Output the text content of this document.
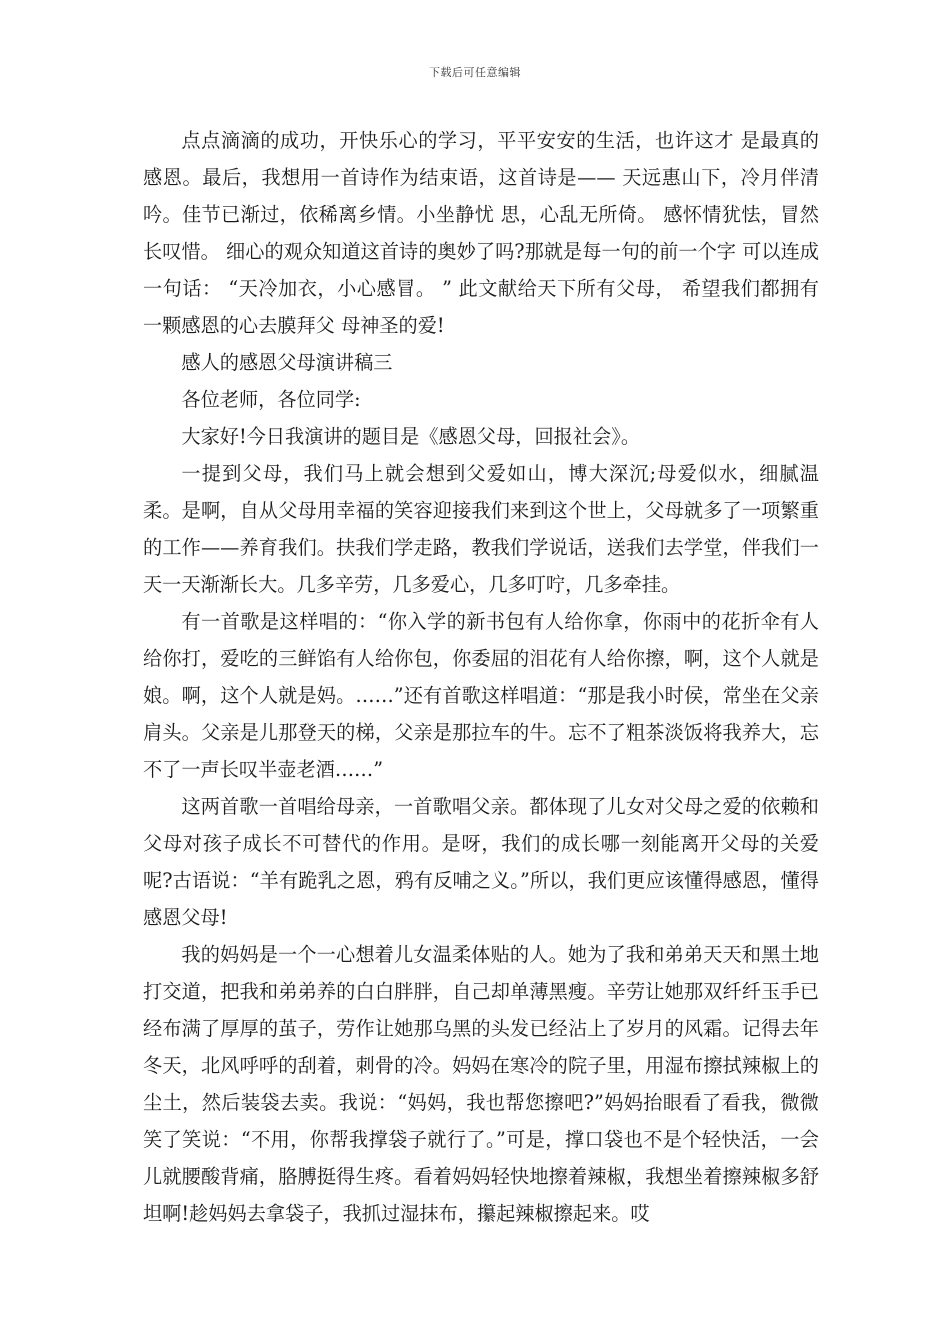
下载后可任意编辑

点点滴滴的成功，开快乐心的学习，平平安安的生活，也许这才 是最真的感恩。最后，我想用一首诗作为结束语，这首诗是—— 天远惠山下，冷月伴清吟。佳节已渐过，依稀离乡情。小坐静忧 思，心乱无所倚。 感怀情犹怯，冒然长叹惜。 细心的观众知道这首诗的奥妙了吗?那就是每一句的前一个字 可以连成一句话： “天冷加衣，小心感冒。 ” 此文献给天下所有父母， 希望我们都拥有一颗感恩的心去膜拜父 母神圣的爱!

感人的感恩父母演讲稿三

各位老师，各位同学:

大家好!今日我演讲的题目是《感恩父母，回报社会》。

一提到父母，我们马上就会想到父爱如山，博大深沉;母爱似水，细腻温柔。是啊，自从父母用幸福的笑容迎接我们来到这个世上，父母就多了一项繁重的工作——养育我们。扶我们学走路，教我们学说话，送我们去学堂，伴我们一天一天渐渐长大。几多辛劳，几多爱心，几多叮咛，几多牵挂。

有一首歌是这样唱的：“你入学的新书包有人给你拿，你雨中的花折伞有人给你打，爱吃的三鲜馅有人给你包，你委屈的泪花有人给你擦，啊，这个人就是娘。啊，这个人就是妈。……”还有首歌这样唱道：“那是我小时侯，常坐在父亲肩头。父亲是儿那登天的梯，父亲是那拉车的牛。忘不了粗茶淡饭将我养大，忘不了一声长叹半壶老酒……”

这两首歌一首唱给母亲，一首歌唱父亲。都体现了儿女对父母之爱的依赖和父母对孩子成长不可替代的作用。是呀，我们的成长哪一刻能离开父母的关爱呢?古语说：“羊有跪乳之恩，鸦有反哺之义。”所以，我们更应该懂得感恩，懂得感恩父母!

我的妈妈是一个一心想着儿女温柔体贴的人。她为了我和弟弟天天和黑土地打交道，把我和弟弟养的白白胖胖，自己却单薄黑瘦。辛劳让她那双纤纤玉手已经布满了厚厚的茧子，劳作让她那乌黑的头发已经沾上了岁月的风霜。记得去年冬天，北风呼呼的刮着，刺骨的冷。妈妈在寒冷的院子里，用湿布擦拭辣椒上的尘土，然后装袋去卖。我说：“妈妈，我也帮您擦吧?”妈妈抬眼看了看我，微微笑了笑说：“不用，你帮我撑袋子就行了。”可是，撑口袋也不是个轻快活，一会儿就腰酸背痛，胳膊挺得生疼。看着妈妈轻快地擦着辣椒，我想坐着擦辣椒多舒坦啊!趁妈妈去拿袋子，我抓过湿抹布，攥起辣椒擦起来。哎
